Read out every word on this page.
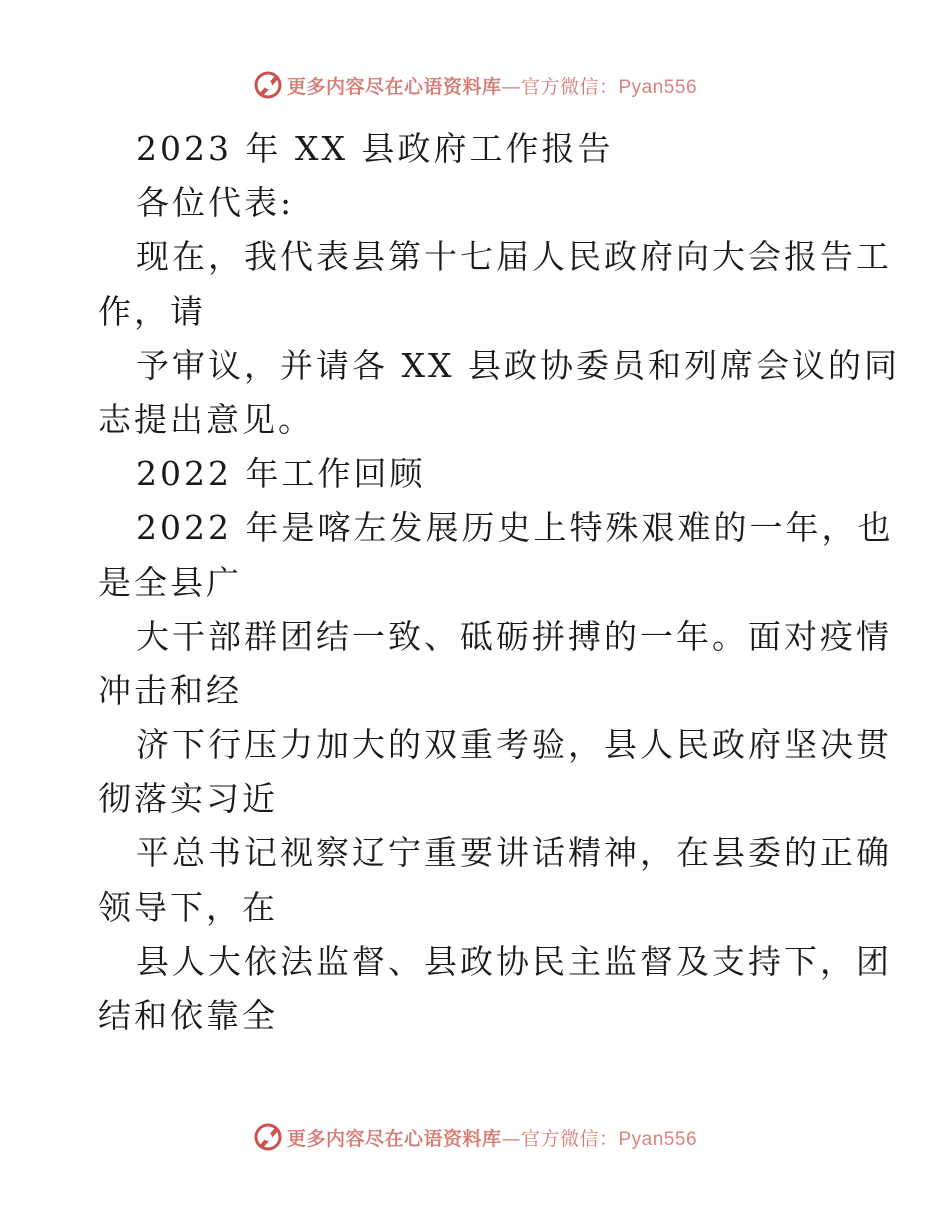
更多内容尽在心语资料库—官方微信：Pyan556
2023 年 XX 县政府工作报告
各位代表:
现在，我代表县第十七届人民政府向大会报告工
作，请
予审议，并请各 XX 县政协委员和列席会议的同
志提出意见。
2022 年工作回顾
2022 年是喀左发展历史上特殊艰难的一年，也
是全县广
大干部群团结一致、砥砺拼搏的一年。面对疫情
冲击和经
济下行压力加大的双重考验，县人民政府坚决贯
彻落实习近
平总书记视察辽宁重要讲话精神，在县委的正确
领导下，在
县人大依法监督、县政协民主监督及支持下，团
结和依靠全
更多内容尽在心语资料库—官方微信：Pyan556
